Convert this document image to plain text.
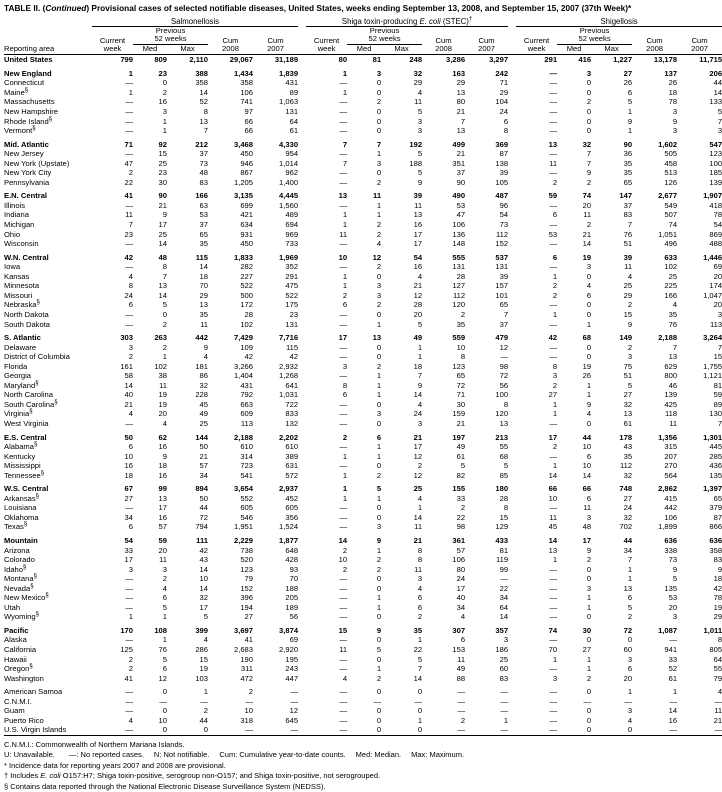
TABLE II. (Continued) Provisional cases of selected notifiable diseases, United States, weeks ending September 13, 2008, and September 15, 2007 (37th Week)*
	Salmonellosis						Shiga toxin-producing E. coli (STEC)†						Shigellosis				
		Previous						Previous						Previous			
	Current	52 weeks		Cum	Cum		Current	52 weeks		Cum	Cum		Current	52 weeks		Cum	Cum
Reporting area	week	Med	Max	2008	2007		week	Med	Max	2008	2007		week	Med	Max	2008	2007
United States	799	809	2,110	29,067	31,189		80	81	248	3,286	3,297		291	416	1,227	13,178	11,715

New England	1	23	388	1,434	1,839		1	3	32	163	242		—	3	27	137	206
Connecticut	—	0	358	358	431		—	0	29	29	71		—	0	26	26	44
Maine§	1	2	14	106	89		1	0	4	13	29		—	0	6	18	14
Massachusetts	—	16	52	741	1,063		—	2	11	80	104		—	2	5	78	133
New Hampshire	—	3	8	97	131		—	0	5	21	24		—	0	1	3	5
Rhode Island§	—	1	13	66	64		—	0	3	7	6		—	0	9	9	7
Vermont§	—	1	7	66	61		—	0	3	13	8		—	0	1	3	3

Mid. Atlantic	71	92	212	3,468	4,330		7	7	192	499	369		13	32	90	1,602	547
New Jersey	—	15	37	450	954		—	1	5	21	87		—	7	36	505	123
New York (Upstate)	47	25	73	946	1,014		7	3	188	351	138		11	7	35	458	100
New York City	2	23	48	867	962		—	0	5	37	39		—	9	35	513	185
Pennsylvania	22	30	83	1,205	1,400		—	2	9	90	105		2	2	65	126	139

E.N. Central	41	90	166	3,135	4,445		13	11	39	490	487		59	74	147	2,677	1,907
Illinois	—	21	63	699	1,560		—	1	11	53	96		—	20	37	549	418
Indiana	11	9	53	421	489		1	1	13	47	54		6	11	83	507	78
Michigan	7	17	37	634	694		1	2	16	106	73		—	2	7	74	54
Ohio	23	25	65	931	969		11	2	17	136	112		53	21	76	1,051	869
Wisconsin	—	14	35	450	733		—	4	17	148	152		—	14	51	496	488

W.N. Central	42	48	115	1,833	1,969		10	12	54	555	537		6	19	39	633	1,446
Iowa	—	8	14	282	352		—	2	16	131	131		—	3	11	102	69
Kansas	4	7	18	227	291		1	0	4	28	39		1	0	4	25	20
Minnesota	8	13	70	522	475		1	3	21	127	157		2	4	25	225	174
Missouri	24	14	29	500	522		2	3	12	112	101		2	6	29	166	1,047
Nebraska§	6	5	13	172	175		6	2	28	120	65		—	0	2	4	20
North Dakota	—	0	35	28	23		—	0	20	2	7		1	0	15	35	3
South Dakota	—	2	11	102	131		—	1	5	35	37		—	1	9	76	113

S. Atlantic	303	263	442	7,429	7,716		17	13	49	559	479		42	68	149	2,188	3,264
Delaware	3	2	9	109	115		—	0	1	10	12		—	0	2	7	7
District of Columbia	2	1	4	42	42		—	0	1	8	—		—	0	3	13	15
Florida	161	102	181	3,266	2,932		3	2	18	123	98		8	19	75	629	1,755
Georgia	58	38	86	1,404	1,268		—	1	7	65	72		3	26	51	800	1,121
Maryland§	14	11	32	431	641		8	1	9	72	56		2	1	5	46	81
North Carolina	40	19	228	792	1,031		6	1	14	71	100		27	1	27	139	59
South Carolina§	21	19	45	663	722		—	0	4	30	8		1	9	32	425	89
Virginia§	4	20	49	609	833		—	3	24	159	120		1	4	13	118	130
West Virginia	—	4	25	113	132		—	0	3	21	13		—	0	61	11	7

E.S. Central	50	62	144	2,188	2,202		2	6	21	197	213		17	44	178	1,356	1,301
Alabama§	6	16	50	610	610		—	1	17	49	55		2	10	43	315	445
Kentucky	10	9	21	314	389		1	1	12	61	68		—	6	35	207	285
Mississippi	16	18	57	723	631		—	0	2	5	5		1	10	112	270	436
Tennessee§	18	16	34	541	572		1	2	12	82	85		14	14	32	564	135

W.S. Central	67	99	894	3,654	2,937		1	5	25	155	180		66	66	748	2,862	1,397
Arkansas§	27	13	50	552	452		1	1	4	33	28		10	6	27	415	65
Louisiana	—	17	44	605	605		—	0	1	2	8		—	11	24	442	379
Oklahoma	34	16	72	546	356		—	0	14	22	15		11	3	32	106	87
Texas§	6	57	794	1,951	1,524		—	3	11	98	129		45	48	702	1,899	866

Mountain	54	59	111	2,229	1,877		14	9	21	361	433		14	17	44	636	636
Arizona	33	20	42	738	648		2	1	8	57	81		13	9	34	338	358
Colorado	17	11	43	520	428		10	2	8	106	119		1	2	7	73	83
Idaho§	3	3	14	123	93		2	2	11	80	99		—	0	1	9	9
Montana§	—	2	10	79	70		—	0	3	24	—		—	0	1	5	18
Nevada§	—	4	14	152	188		—	0	4	17	22		—	3	13	135	42
New Mexico§	—	6	32	396	205		—	1	6	40	34		—	1	6	53	78
Utah	—	5	17	194	189		—	1	6	34	64		—	1	5	20	19
Wyoming§	1	1	5	27	56		—	0	2	4	14		—	0	2	3	29

Pacific	170	108	399	3,697	3,874		15	9	35	307	357		74	30	72	1,087	1,011
Alaska	—	1	4	41	69		—	0	1	6	3		—	0	0	—	8
California	125	76	286	2,683	2,920		11	5	22	153	186		70	27	60	941	805
Hawaii	2	5	15	190	195		—	0	5	11	25		1	1	3	33	64
Oregon§	2	6	19	311	243		—	1	7	49	60		—	1	6	52	55
Washington	41	12	103	472	447		4	2	14	88	83		3	2	20	61	79

American Samoa	—	0	1	2	—		—	0	0	—	—		—	0	1	1	4
C.N.M.I.	—	—	—	—	—		—	—	—	—	—		—	—	—	—	—
Guam	—	0	2	10	12		—	0	0	—	—		—	0	3	14	11
Puerto Rico	4	10	44	318	645		—	0	1	2	1		—	0	4	16	21
U.S. Virgin Islands	—	0	0	—	—		—	0	0	—	—		—	0	0	—	—

C.N.M.I.: Commonwealth of Northern Mariana Islands.
U: Unavailable. —: No reported cases. N: Not notifiable. Cum: Cumulative year-to-date counts. Med: Median. Max: Maximum.
* Incidence data for reporting years 2007 and 2008 are provisional.
† Includes E. coli O157:H7; Shiga toxin-positive, serogroup non-O157; and Shiga toxin-positive, not serogrouped.
§ Contains data reported through the National Electronic Disease Surveillance System (NEDSS).
